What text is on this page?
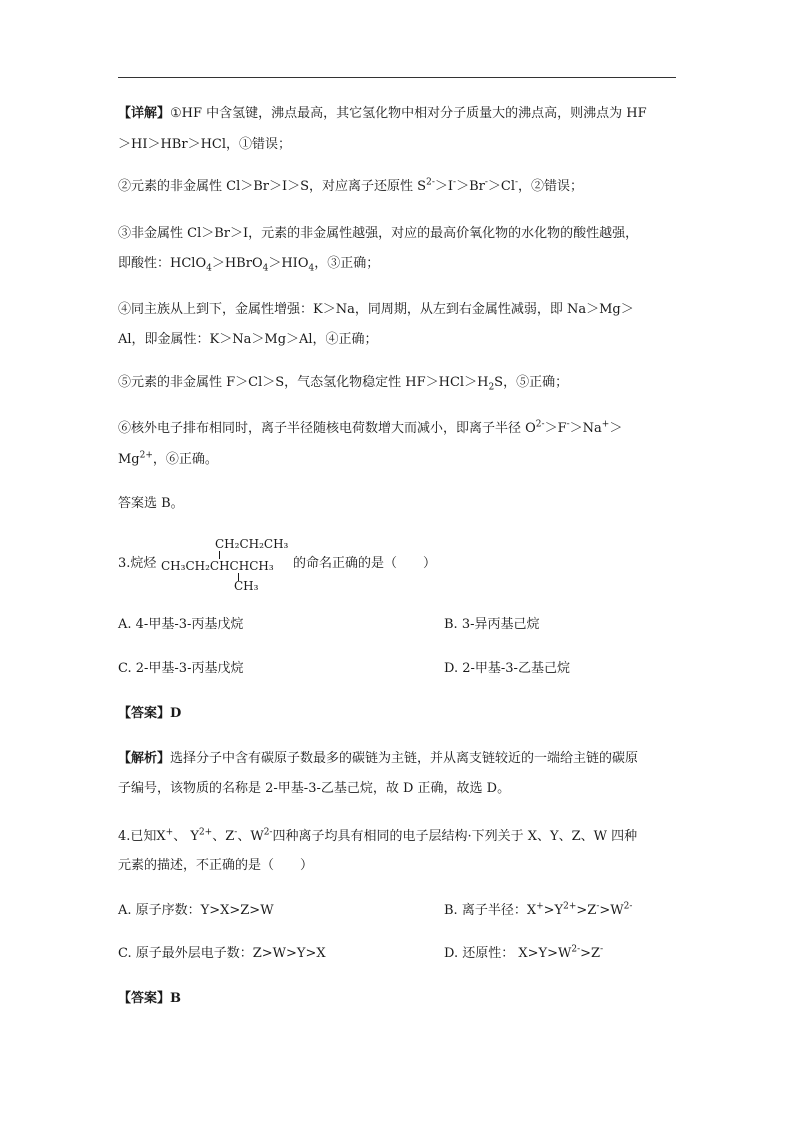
【详解】①HF 中含氢键，沸点最高，其它氢化物中相对分子质量大的沸点高，则沸点为 HF
＞HI＞HBr＞HCl，①错误；
②元素的非金属性 Cl＞Br＞I＞S，对应离子还原性 $S^{2-}>I^->Br^->Cl^-$，②错误；
③非金属性 Cl＞Br＞I，元素的非金属性越强，对应的最高价氧化物的水化物的酸性越强，
即酸性：$HClO_4>HBrO_4>HIO_4$，③正确；
④同主族从上到下，金属性增强：K＞Na，同周期，从左到右金属性减弱，即 Na＞Mg＞
Al，即金属性：K＞Na＞Mg＞Al，④正确；
⑤元素的非金属性 F＞Cl＞S，气态氢化物稳定性 $HF>HCl>H_2S$，⑤正确；
⑥核外电子排布相同时，离子半径随核电荷数增大而减小，即离子半径 $O^{2-}>F^->Na^+>$
$Mg^{2+}$，⑥正确。
答案选 B。
3.烷烃
CH₂CH₂CH₃
CH₃CH₂CHCHCH₃
CH₃
的命名正确的是（　　）
A. 4-甲基-3-丙基戊烷	B. 3-异丙基己烷
C. 2-甲基-3-丙基戊烷	D. 2-甲基-3-乙基己烷
【答案】D
【解析】选择分子中含有碳原子数最多的碳链为主链，并从离支链较近的一端给主链的碳原
子编号，该物质的名称是 2-甲基-3-乙基己烷，故 D 正确，故选 D。
4.已知X+、 $Y^{2+}$、Z-、$W^{2-}$四种离子均具有相同的电子层结构·下列关于 X、Y、Z、W 四种
元素的描述，不正确的是（　　）
A. 原子序数：Y>X>Z>W	B. 离子半径：$X^+>Y^{2+}>Z^->W^{2-}$
C. 原子最外层电子数：Z>W>Y>X	D. 还原性： $X>Y>W^{2-}>Z^-$
【答案】B
